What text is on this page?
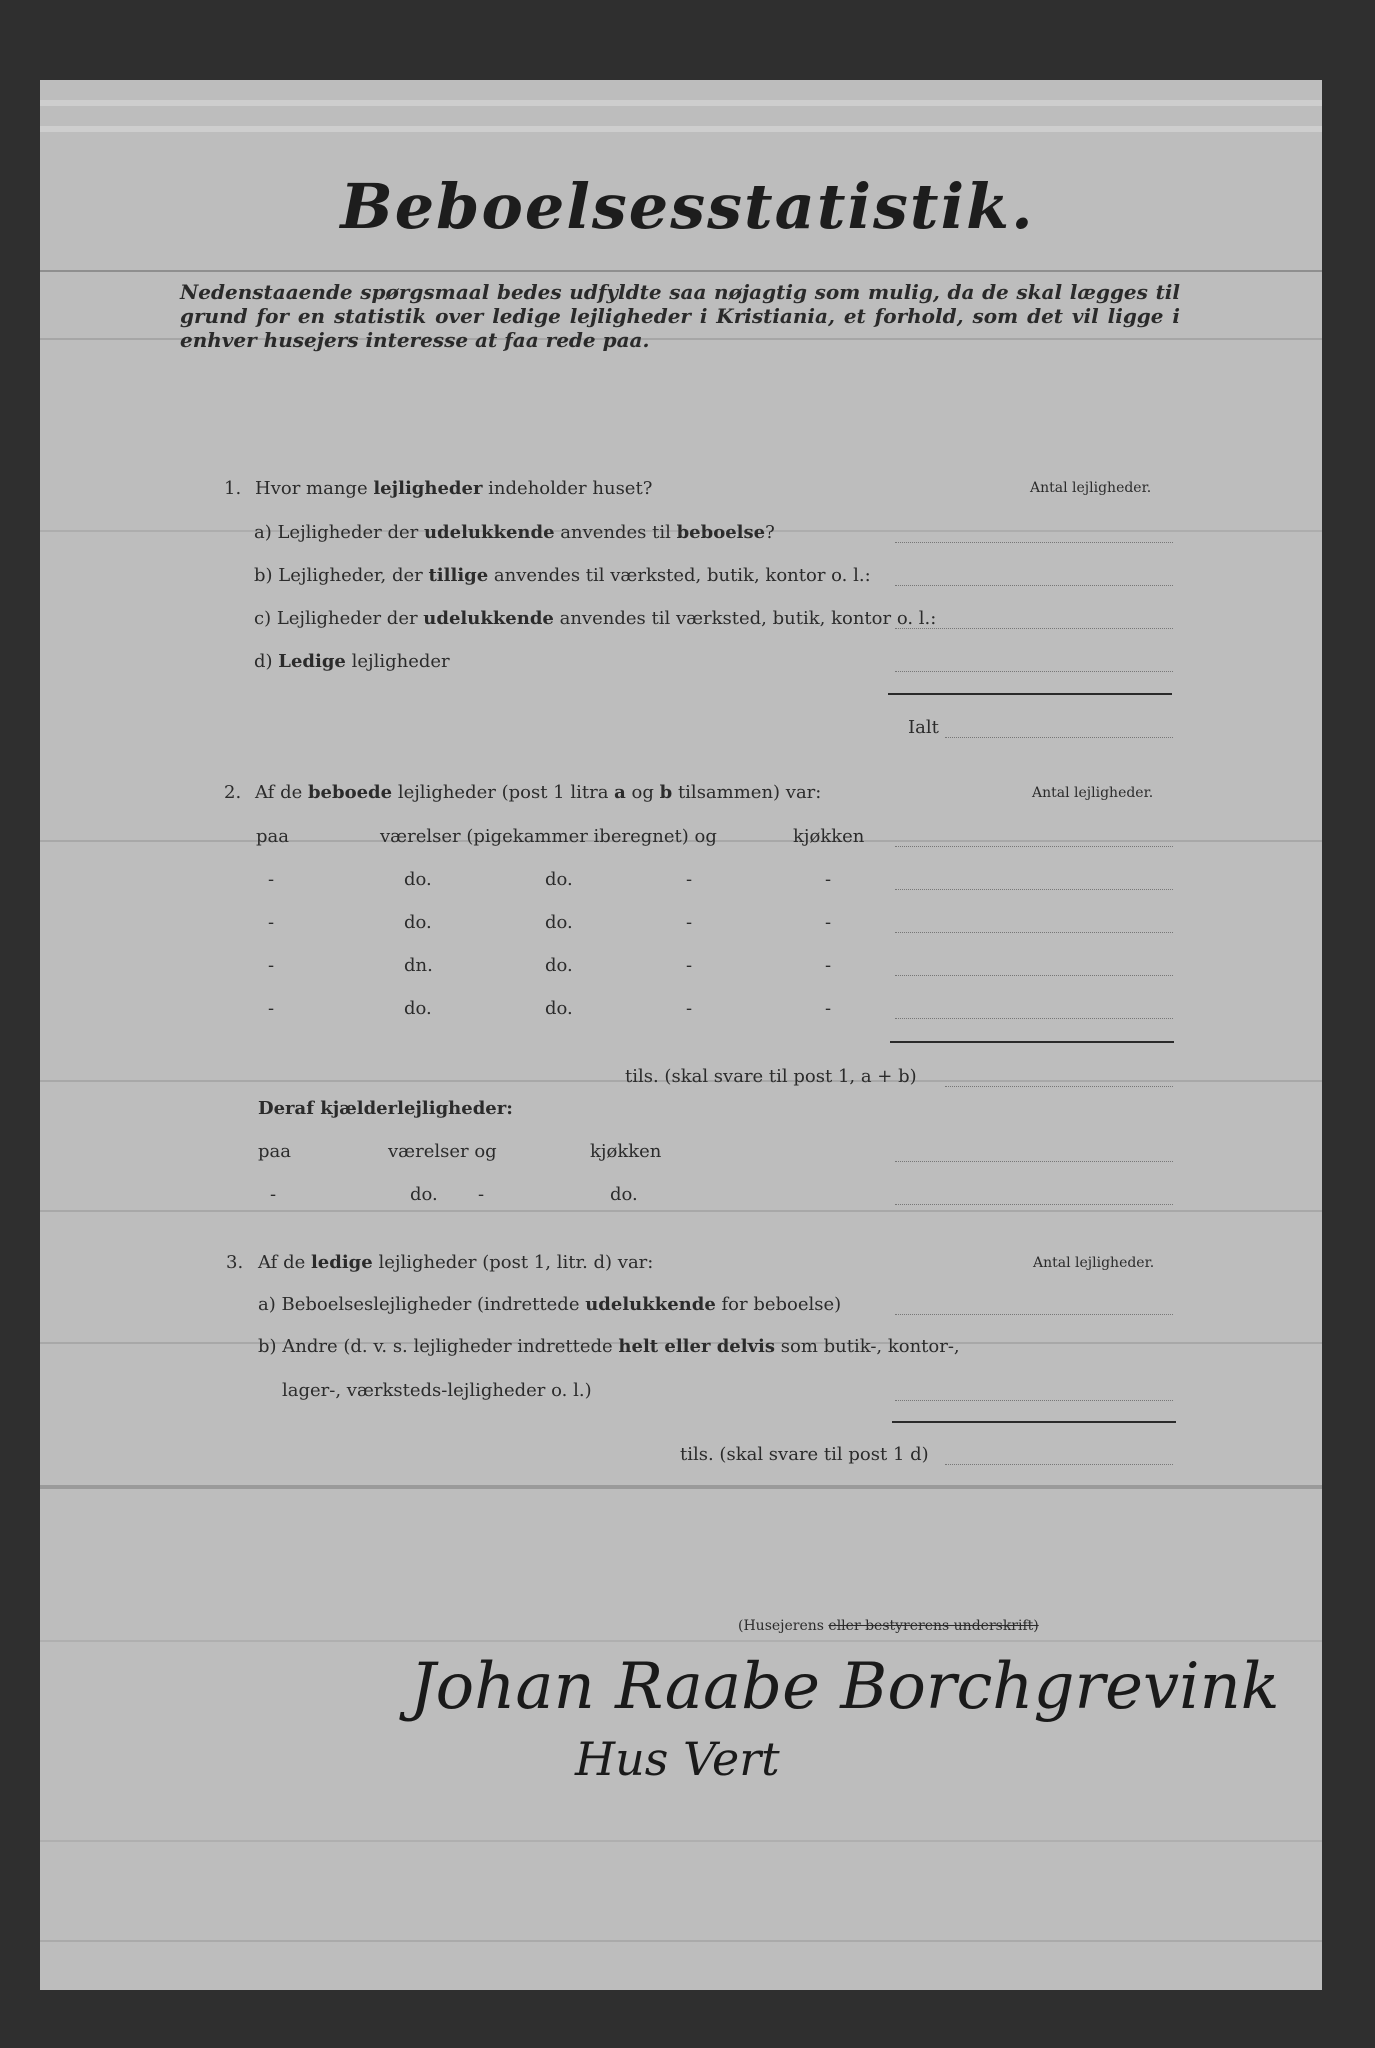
Beboelsesstatistik.
Nedenstaaende spørgsmaal bedes udfyldte saa nøjagtig som mulig, da de skal lægges til grund for en statistik over ledige lejligheder i Kristiania, et forhold, som det vil ligge i enhver husejers interesse at faa rede paa.
1. Hvor mange lejligheder indeholder huset?	Antal lejligheder.
a) Lejligheder der udelukkende anvendes til beboelse?
b) Lejligheder, der tillige anvendes til værksted, butik, kontor o. l.:
c) Lejligheder der udelukkende anvendes til værksted, butik, kontor o. l.:
d) Ledige lejligheder
Ialt
2. Af de beboede lejligheder (post 1 litra a og b tilsammen) var:	Antal lejligheder.
paa	værelser (pigekammer iberegnet) og	kjøkken
-	do.	do.	-	-
-	do.	do.	-	-
-	dn.	do.	-	-
-	do.	do.	-	-
tils. (skal svare til post 1, a + b)
Deraf kjælderlejligheder:
paa	værelser og	kjøkken
-	do. -	do.
3. Af de ledige lejligheder (post 1, litr. d) var:	Antal lejligheder.
a) Beboelseslejligheder (indrettede udelukkende for beboelse)
b) Andre (d. v. s. lejligheder indrettede helt eller delvis som butik-, kontor-,
lager-, værksteds-lejligheder o. l.)
tils. (skal svare til post 1 d)
(Husejerens eller bestyrerens underskrift)
Johan Raabe Borchgrevink
Hus Vert
